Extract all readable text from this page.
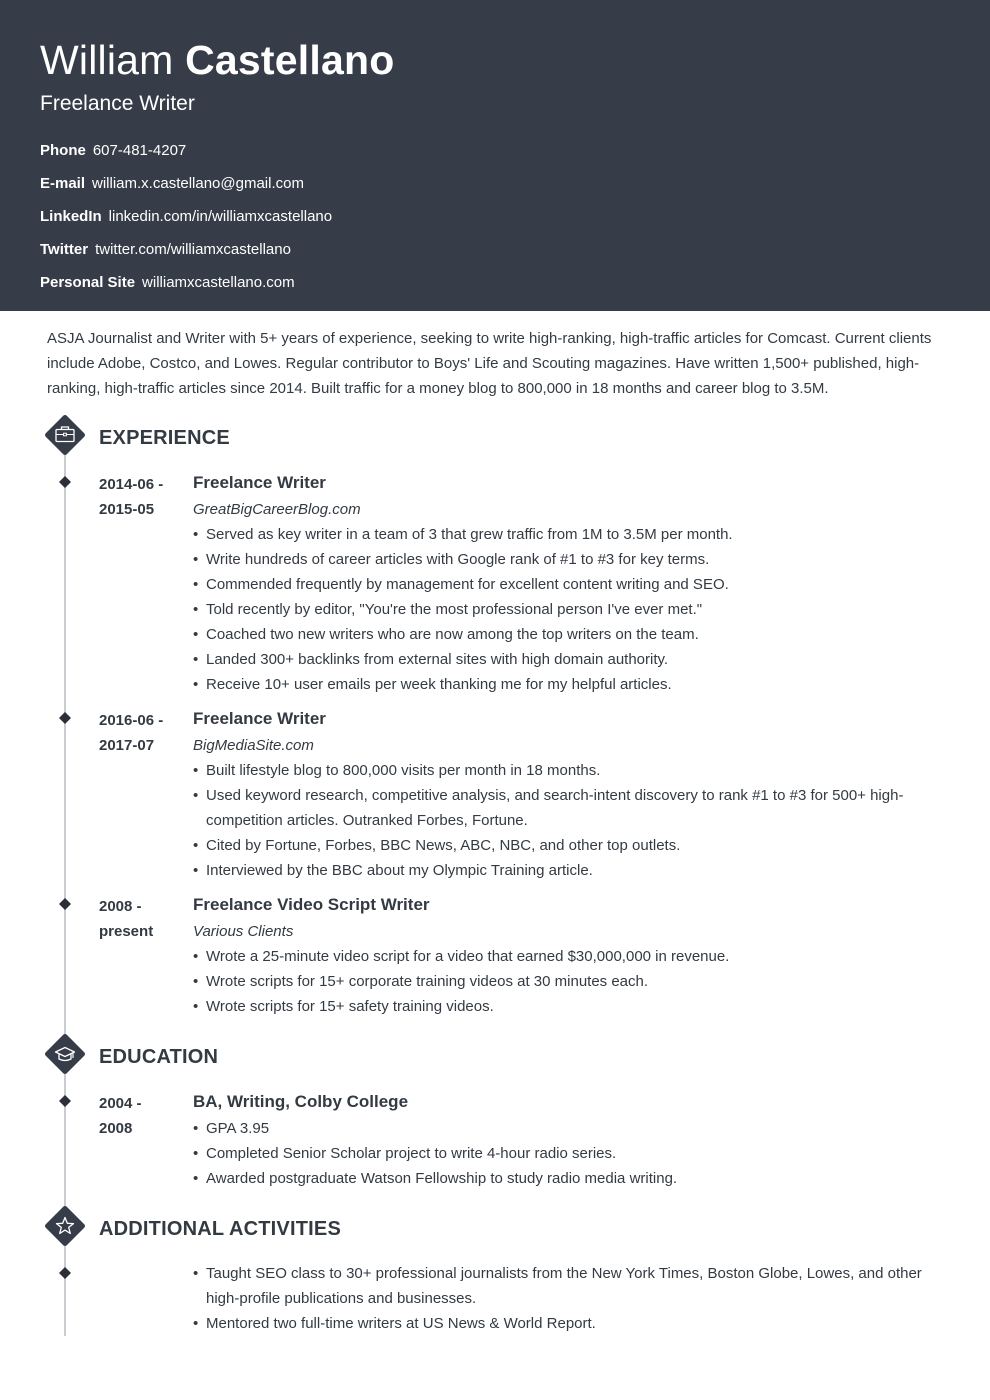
William Castellano
Freelance Writer
Phone 607-481-4207
E-mail william.x.castellano@gmail.com
LinkedIn linkedin.com/in/williamxcastellano
Twitter twitter.com/williamxcastellano
Personal Site williamxcastellano.com
ASJA Journalist and Writer with 5+ years of experience, seeking to write high-ranking, high-traffic articles for Comcast. Current clients include Adobe, Costco, and Lowes. Regular contributor to Boys' Life and Scouting magazines. Have written 1,500+ published, high-ranking, high-traffic articles since 2014. Built traffic for a money blog to 800,000 in 18 months and career blog to 3.5M.
EXPERIENCE
2014-06 -
2015-05
Freelance Writer
GreatBigCareerBlog.com
• Served as key writer in a team of 3 that grew traffic from 1M to 3.5M per month.
• Write hundreds of career articles with Google rank of #1 to #3 for key terms.
• Commended frequently by management for excellent content writing and SEO.
• Told recently by editor, "You're the most professional person I've ever met."
• Coached two new writers who are now among the top writers on the team.
• Landed 300+ backlinks from external sites with high domain authority.
• Receive 10+ user emails per week thanking me for my helpful articles.
2016-06 -
2017-07
Freelance Writer
BigMediaSite.com
• Built lifestyle blog to 800,000 visits per month in 18 months.
• Used keyword research, competitive analysis, and search-intent discovery to rank #1 to #3 for 500+ high-competition articles. Outranked Forbes, Fortune.
• Cited by Fortune, Forbes, BBC News, ABC, NBC, and other top outlets.
• Interviewed by the BBC about my Olympic Training article.
2008 -
present
Freelance Video Script Writer
Various Clients
• Wrote a 25-minute video script for a video that earned $30,000,000 in revenue.
• Wrote scripts for 15+ corporate training videos at 30 minutes each.
• Wrote scripts for 15+ safety training videos.
EDUCATION
2004 -
2008
BA, Writing, Colby College
• GPA 3.95
• Completed Senior Scholar project to write 4-hour radio series.
• Awarded postgraduate Watson Fellowship to study radio media writing.
ADDITIONAL ACTIVITIES
• Taught SEO class to 30+ professional journalists from the New York Times, Boston Globe, Lowes, and other high-profile publications and businesses.
• Mentored two full-time writers at US News & World Report.
